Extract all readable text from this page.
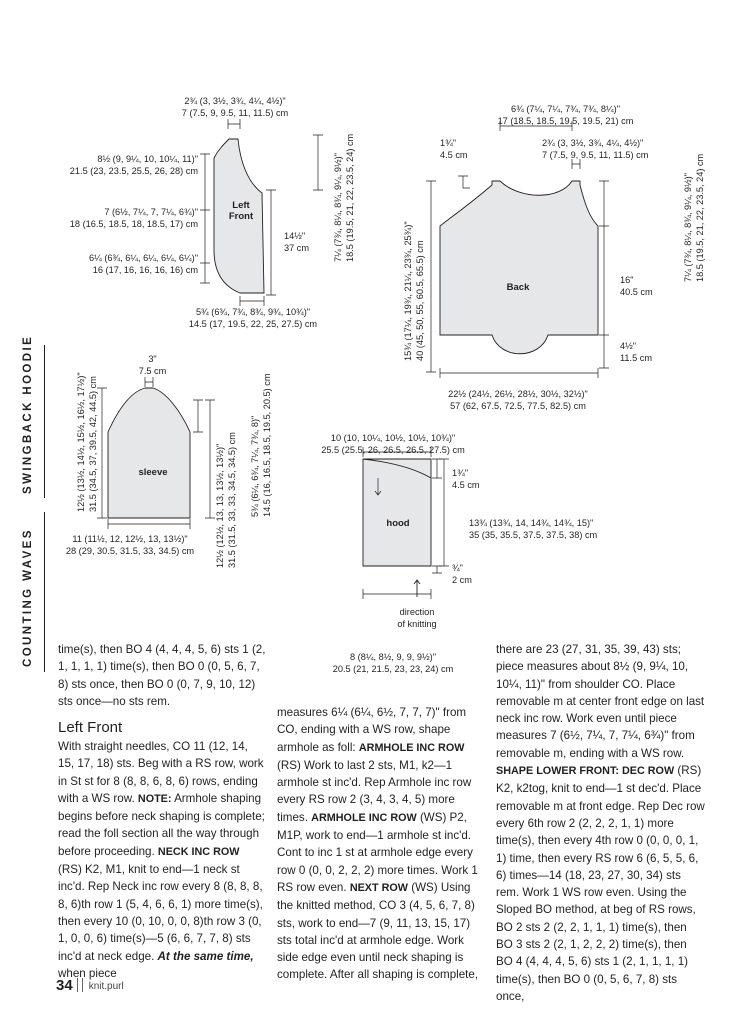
COUNTING WAVES
SWINGBACK HOODIE
2¾ (3, 3½, 3¾, 4¼, 4½)"
7 (7.5, 9, 9.5, 11, 11.5) cm
8½ (9, 9¼, 10, 10¼, 11)"
21.5 (23, 23.5, 25.5, 26, 28) cm
7 (6½, 7¼, 7, 7¼, 6¾)"
18 (16.5, 18.5, 18, 18.5, 17) cm
6¼ (6¾, 6¼, 6¼, 6¼, 6¼)"
16 (17, 16, 16, 16, 16) cm
14½"
37 cm	7¼ (7¾, 8¼, 8¾, 9¼, 9½)" 18.5 (19.5, 21, 22, 23.5, 24) cm
5¾ (6¾, 7¾, 8¾, 9¾, 10¾)"
14.5 (17, 19.5, 22, 25, 27.5) cm
Left Front
6¾ (7¼, 7¼, 7¾, 7¾, 8¼)"
17 (18.5, 18.5, 19.5, 19.5, 21) cm
2¾ (3, 3½, 3¾, 4¼, 4½)"
7 (7.5, 9, 9.5, 11, 11.5) cm
1¾"
4.5 cm
7¼ (7¾, 8¼, 8¾, 9¼, 9½)" 18.5 (19.5, 21, 22, 23.5, 24) cm
15¾ (17¼, 19¾, 21¼, 23¾, 25¾)" 40 (45, 50, 55, 60.5, 65.5) cm	16"
40.5 cm
4½"
11.5 cm
22½ (24½, 26½, 28½, 30½, 32½)"
57 (62, 67.5, 72.5, 77.5, 82.5) cm
Back
3"
7.5 cm
12½ (13½, 14½, 15½, 16½, 17½)" 31.5 (34.5, 37, 39.5, 42, 44.5) cm	5¾ (6¼, 6¾, 7¼, 7¾, 8)" 14.5 (16, 16.5, 18.5, 19.5, 20.5) cm
12½ (12½, 13, 13, 13½, 13½)" 31.5 (31.5, 33, 33, 34.5, 34.5) cm
11 (11½, 12, 12½, 13, 13½)"
28 (29, 30.5, 31.5, 33, 34.5) cm
sleeve
10 (10, 10¼, 10½, 10½, 10¾)"
25.5 (25.5, 26, 26.5, 26.5, 27.5) cm
1¾"
4.5 cm
13¾ (13¾, 14, 14¾, 14¾, 15)"
35 (35, 35.5, 37.5, 37.5, 38) cm
¾"
2 cm
direction
of knitting
8 (8¼, 8½, 9, 9, 9½)"
20.5 (21, 21.5, 23, 23, 24) cm
hood
time(s), then BO 4 (4, 4, 4, 5, 6) sts 1 (2, 1, 1, 1, 1) time(s), then BO 0 (0, 5, 6, 7, 8) sts once, then BO 0 (0, 7, 9, 10, 12) sts once—no sts rem.
Left Front
With straight needles, CO 11 (12, 14, 15, 17, 18) sts. Beg with a RS row, work in St st for 8 (8, 8, 6, 8, 6) rows, ending with a WS row. NOTE: Armhole shaping begins before neck shaping is complete; read the foll section all the way through before proceeding. NECK INC ROW (RS) K2, M1, knit to end—1 neck st inc'd. Rep Neck inc row every 8 (8, 8, 8, 8, 6)th row 1 (5, 4, 6, 6, 1) more time(s), then every 10 (0, 10, 0, 0, 8)th row 3 (0, 1, 0, 0, 6) time(s)—5 (6, 6, 7, 7, 8) sts inc'd at neck edge. At the same time, when piece
measures 6¼ (6¼, 6½, 7, 7, 7)" from CO, ending with a WS row, shape armhole as foll: ARMHOLE INC ROW (RS) Work to last 2 sts, M1, k2—1 armhole st inc'd. Rep Armhole inc row every RS row 2 (3, 4, 3, 4, 5) more times. ARMHOLE INC ROW (WS) P2, M1P, work to end—1 armhole st inc'd. Cont to inc 1 st at armhole edge every row 0 (0, 0, 2, 2, 2) more times. Work 1 RS row even. NEXT ROW (WS) Using the knitted method, CO 3 (4, 5, 6, 7, 8) sts, work to end—7 (9, 11, 13, 15, 17) sts total inc'd at armhole edge. Work side edge even until neck shaping is complete. After all shaping is complete,
there are 23 (27, 31, 35, 39, 43) sts; piece measures about 8½ (9, 9¼, 10, 10¼, 11)" from shoulder CO. Place removable m at center front edge on last neck inc row. Work even until piece measures 7 (6½, 7¼, 7, 7¼, 6¾)" from removable m, ending with a WS row. SHAPE LOWER FRONT: DEC ROW (RS) K2, k2tog, knit to end—1 st dec'd. Place removable m at front edge. Rep Dec row every 6th row 2 (2, 2, 2, 1, 1) more time(s), then every 4th row 0 (0, 0, 0, 1, 1) time, then every RS row 6 (6, 5, 5, 6, 6) times—14 (18, 23, 27, 30, 34) sts rem. Work 1 WS row even. Using the Sloped BO method, at beg of RS rows, BO 2 sts 2 (2, 2, 1, 1, 1) time(s), then BO 3 sts 2 (2, 1, 2, 2, 2) time(s), then BO 4 (4, 4, 4, 5, 6) sts 1 (2, 1, 1, 1, 1) time(s), then BO 0 (0, 5, 6, 7, 8) sts once,
34 knit.purl
